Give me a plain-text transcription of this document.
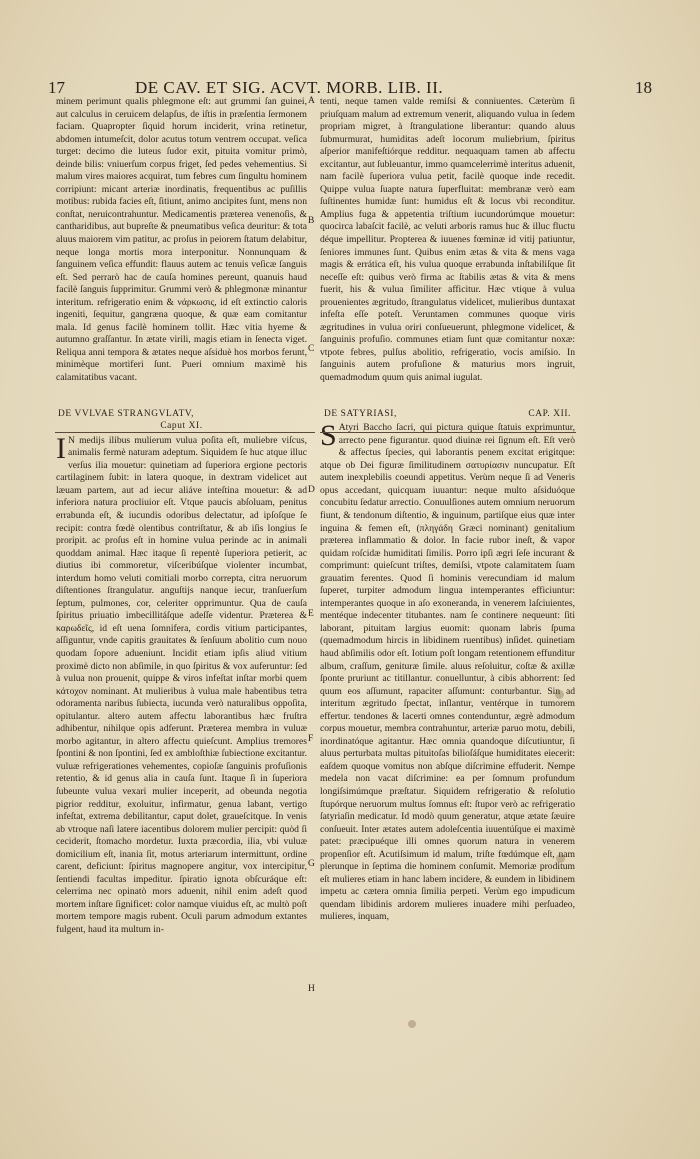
17	DE CAV. ET SIG. ACVT. MORB. LIB. II.	18
A
B
C
D
E
F
G
H

minem perimunt qualis phlegmone eſt: aut grummi ſan guinei, aut calculus in ceruicem delapſus, de iſtis in præſentia ſermonem faciam. Quapropter ſiquid horum inciderit, vrina retinetur, abdomen intumeſcit, dolor acutus totum ventrem occupat. veſica turget: decimo die luteus ſudor exit, pituita vomitur primò, deinde bilis: vniuerſum corpus friget, ſed pedes vehementius. Si malum vires maiores acquirat, tum febres cum ſingultu hominem corripiunt: micant arteriæ inordinatis, frequentibus ac puſillis motibus: rubida facies eſt, ſitiunt, animo ancipites ſunt, mens non conſtat, neruicontrahuntur. Medicamentis præterea venenoſis, & cantharidibus, aut bupreſte & pneumatibus veſica deuritur: & tota aluus maiorem vim patitur, ac proſus in peiorem ſtatum delabitur, neque longa mortis mora interponitur. Nonnunquam & ſanguinem veſica effundit: flauus autem ac tenuis veſicæ ſanguis eſt. Sed perrarò hac de cauſa homines pereunt, quanuis haud facilè ſanguis ſupprimitur. Grummi verò & phlegmonæ minantur interitum. refrigeratio enim & νάρκωσις, id eſt extinctio caloris ingeniti, ſequitur, gangræna quoque, & quæ eam comitantur mala. Id genus facilè hominem tollit. Hæc vitia hyeme & autumno graſſantur. In ætate virili, magis etiam in ſenecta viget. Reliqua anni tempora & ætates neque aſsiduè hos morbos ferunt, minimèque mortiferi ſunt. Pueri omnium maximè his calamitatibus vacant.

DE VVLVAE STRANGVLATV,
Caput XI.

I N medijs ilibus mulierum vulua poſita eſt, muliebre viſcus, animalis fermè naturam adeptum. Siquidem ſe huc atque illuc verſus ilia mouetur: quinetiam ad ſuperiora ergione pectoris cartilaginem ſubit: in latera quoque, in dextram videlicet aut læuam partem, aut ad iecur aliáve inteſtina mouetur: & ad inferiora natura procliuior eſt. Vtque paucis abſoluam, penitus errabunda eſt, & iucundis odoribus delectatur, ad ipſoſque ſe recipit: contra fœdè olentibus contriſtatur, & ab iſis longius ſe proripit. ac proſus eſt in homine vulua perinde ac in animali quoddam animal. Hæc itaque ſi repentè ſuperiora petierit, ac diutius ibi commoretur, viſceribúſque violenter incumbat, interdum homo veluti comitiali morbo correpta, citra neruorum diſtentiones ſtrangulatur. anguſtijs nanque iecur, tranſuerſum ſeptum, pulmones, cor, celeriter opprimuntur. Qua de cauſa ſpiritus priuatio imbecillitáſque adeſſe videntur. Præterea & καρωδεῖς, id eſt uena ſomnifera, cordis vitium participantes, aſſiguntur, vnde capitis grauitates & ſenſuum abolitio cum nouo quodam ſopore adueniunt. Incidit etiam ipſis aliud vitium proximè dicto non abſimile, in quo ſpiritus & vox auferuntur: ſed à vulua non prouenit, quippe & viros infeſtat inſtar morbi quem κάτοχον nominant. At mulieribus à vulua male habentibus tetra odoramenta naribus ſubiecta, iucunda verò naturalibus oppoſita, opitulantur. altero autem affectu laborantibus hæc fruſtra adhibentur, nihilque opis adferunt. Præterea membra in vuluæ morbo agitantur, in altero affectu quieſcunt. Amplius tremores ſpontini & non ſpontini, ſed ex ambloſthiæ ſubiectione excitantur. vuluæ refrigerationes vehementes, copioſæ ſanguinis profuſionis retentio, & id genus alia in cauſa ſunt. Itaque ſi in ſuperiora ſubeunte vulua vexari mulier inceperit, ad obeunda negotia pigrior redditur, exoluitur, infirmatur, genua labant, vertigo infeſtat, extrema debilitantur, caput dolet, graueſcitque. In venis ab vtroque naſi latere iacentibus dolorem mulier percipit: quòd ſi ceciderit, ſtomacho mordetur. Iuxta præcordia, ilia, vbi vuluæ domicilium eſt, inania ſit, motus arteriarum intermittunt, ordine carent, deficiunt: ſpiritus magnopere angitur, vox intercipitur, ſentiendi facultas impeditur. ſpiratio ignota obſcuráque eſt: celerrima nec opinatò mors aduenit, nihil enim adeſt quod mortem inſtare ſignificet: color namque viuidus eſt, ac multò poſt mortem tempore magis rubent. Oculi parum admodum extantes fulgent, haud ita multum in-

tenti, neque tamen valde remiſsi & conniuentes. Cæterùm ſi priuſquam malum ad extremum venerit, aliquando vulua in ſedem propriam migret, à ſtrangulatione liberantur: quando aluus ſubmurmurat, humiditas adeſt locorum muliebrium, ſpiritus aſperior manifeſtiórque redditur. nequaquam tamen ab affectu excitantur, aut ſubleuantur, immo quamcelerrimè interitus aduenit, nam facilè ſuperiora vulua petit, facilè quoque inde recedit. Quippe vulua ſuapte natura ſuperfluitat: membranæ verò eam ſuſtinentes humidæ ſunt: humidus eſt & locus vbi reconditur. Amplius fuga & appetentia triſtium iucundorúmque mouetur: quocirca labaſcit facilè, ac veluti arboris ramus huc & illuc fluctu déque impellitur. Propterea & iuuenes fœminæ id vitij patiuntur, ſeniores immunes ſunt. Quibus enim ætas & vita & mens vaga magis & errática eſt, his vulua quoque errabunda inſtabiliſque ſit neceſſe eſt: quibus verò firma ac ſtabilis ætas & vita & mens fuerit, his & vulua ſimiliter afficitur. Hæc vtique à vulua prouenientes ægritudo, ſtrangulatus videlicet, mulieribus duntaxat infeſta eſſe poteſt. Veruntamen communes quoque viris ægritudines in vulua oriri conſueuerunt, phlegmone videlicet, & ſanguinis profuſio. communes etiam ſunt quæ comitantur noxæ: vtpote febres, pulſus abolitio, refrigeratio, vocis amiſsio. In ſanguinis autem profuſione & maturius mors ingruit, quemadmodum quum quis animal iugulat.

DE SATYRIASI,	CAP. XII.

S Atyri Baccho ſacri, qui pictura quique ſtatuis exprimuntur, arrecto pene figurantur. quod diuinæ rei ſignum eſt. Eſt verò & affectus ſpecies, qui laborantis penem excitat erigitque: atque ob Dei figuræ ſimilitudinem σατυρίασιν nuncupatur. Eſt autem inexplebilis coeundi appetitus. Verùm neque ſi ad Veneris opus accedant, quicquam iuuantur: neque multo aſsiduóque concubitu ſedatur arrectio. Conuulſiones autem omnium neruorum fiunt, & tendonum diſtentio, & inguinum, partiſque eius quæ inter inguina & femen eſt, (πληγάδη Græci nominant) genitalium præterea inflammatio & dolor. In facie rubor ineſt, & vapor quidam roſcidæ humiditati ſimilis. Porro ipſi ægri ſeſe incurant & comprimunt: quieſcunt triſtes, demiſsi, vtpote calamitatem ſuam grauatim ferentes. Quod ſi hominis verecundiam id malum ſuperet, turpiter admodum lingua intemperantes efficiuntur: intemperantes quoque in aſo exoneranda, in venerem laſciuientes, mentéque indecenter titubantes. nam ſe continere nequeunt: ſiti laborant, pituitam largius euomit: quonam labris ſpuma (quemadmodum hircis in libidinem ruentibus) inſidet. quinetiam haud abſimilis odor eſt. Iotium poſt longam retentionem effunditur album, craſſum, genituræ ſimile. aluus reſoluitur, coſtæ & axillæ ſponte pruriunt ac titillantur. conuelluntur, à cibis abhorrent: ſed quum eos aſſumunt, rapaciter aſſumunt: conturbantur. Sin ad interitum ægritudo ſpectat, inſlantur, ventérque in tumorem effertur. tendones & lacerti omnes contenduntur, ægrè admodum corpus mouetur, membra contrahuntur, arteriæ paruo motu, debili, inordinatóque agitantur. Hæc omnia quandoque diſcutiuntur, ſi aluus perturbata multas pituitoſas bilioſáſque humiditates eiecerit: eaſdem quoque vomitus non abſque diſcrimine effuderit. Nempe medela non vacat diſcrimine: ea per ſomnum profundum longiſsimúmque præſtatur. Siquidem refrigeratio & reſolutio ſtupórque neruorum multus ſomnus eſt: ſtupor verò ac refrigeratio ſatyriaſin medicatur. Id modò quum generatur, atque ætate ſæuire conſueuit. Inter ætates autem adoleſcentia iuuentúſque ei maximè patet: præcipuéque illi omnes quorum natura in venerem propenſior eſt. Acutiſsimum id malum, triſte fœdúmque eſt, nam plerunque in ſeptima die hominem conſumit. Memoriæ proditum eſt mulieres etiam in hanc labem incidere, & eundem in libidinem impetu ac cætera omnia ſimilia perpeti. Verùm ego impudicum quendam libidinis ardorem mulieres inuadere mihi perſuadeo, mulieres, inquam,
